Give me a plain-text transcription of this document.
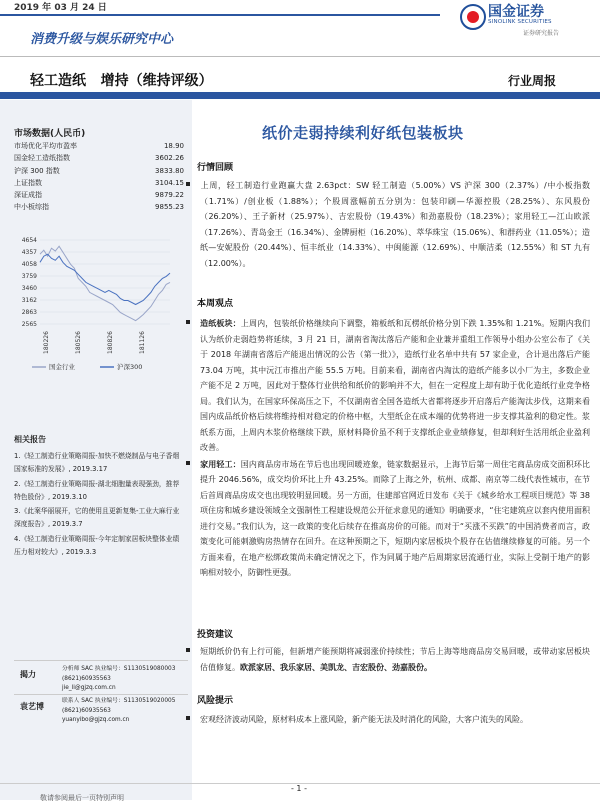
2019 年 03 月 24 日	国金证券
SINOLINK SECURITIES
证券研究报告
消费升级与娱乐研究中心
轻工造纸 增持（维持评级）	行业周报
市场数据(人民币)
市场优化平均市盈率	18.90
国金轻工造纸指数	3602.26
沪深 300 指数	3833.80
上证指数	3104.15
深证成指	9879.22
中小板综指	9855.23
4654
4357
4058
3759
3460
3162
2863
2565
180226	180526	180826	181126
国金行业	沪深300
相关报告
1.《轻工制造行业策略周报-加快不燃烧制品与电子香烟国家标准的发展》, 2019.3.17
2.《轻工制造行业策略周报-湖北细胞量表现强劲，推荐特色股份》, 2019.3.10
3.《此案华丽展开，它的使用且更新复集-工业大麻行业深度报告》, 2019.3.7
4.《轻工制造行业策略周报-今年定制家居板块整体业绩压力相对较大》, 2019.3.3
揭力
分析师 SAC 执业编号：S1130519080003
(8621)60935563
jie_li@gjzq.com.cn
袁艺博
联系人 SAC 执业编号：S1130519020005
(8621)60935563
yuanyibo@gjzq.com.cn
纸价走弱持续利好纸包装板块
行情回顾

上周，轻工制造行业跑赢大盘 2.63pct：SW 轻工制造（5.00%）VS 沪深 300（2.37%）/中小板指数（1.71%）/创业板（1.88%）；个股周涨幅前五分别为：包装印刷—华源控股（28.25%）、东风股份（26.20%）、王子新材（25.97%）、吉宏股份（19.43%）和劲嘉股份（18.23%）；家用轻工—江山欧派（17.26%）、青岛金王（16.34%）、金牌厨柜（16.20%）、萃华珠宝（15.06%）、和群药业（11.05%）；造纸—安妮股份（20.44%）、恒丰纸业（14.33%）、中闽能源（12.69%）、中顺洁柔（12.55%）和 ST 九有（12.00%）。

本周观点

造纸板块：上周内，包装纸价格继续向下调整，箱板纸和瓦楞纸价格分别下跌 1.35%和 1.21%。短期内我们认为纸价走弱趋势将延续，3 月 21 日，湖南省淘汰落后产能和企业兼并重组工作领导小组办公室公布了《关于 2018 年湖南省落后产能退出情况的公告（第一批）》，造纸行业名单中共有 57 家企业，合计退出落后产能 73.04 万吨，其中沅江市推出产能 55.5 万吨。目前来看，湖南省内淘汰的造纸产能多以小厂为主，多数企业产能不足 2 万吨，因此对于整体行业供给和纸价的影响并不大，但在一定程度上却有助于优化造纸行业竞争格局。我们认为，在国家环保高压之下，不仅湖南省全国各造纸大省都将逐步开启落后产能淘汰步伐，这期来看国内成品纸价格后续将维持相对稳定的价格中枢，大型纸企在成本端的优势将进一步支撑其盈利的稳定性。浆纸系方面，上周内木浆价格继续下跌，原材料降价虽不利于支撑纸企业业绩修复，但却利好生活用纸企业盈利改善。

家用轻工：国内商品房市场在节后也出现回暖迹象，链家数据显示，上海节后第一周住宅商品房成交面积环比提升 2046.56%，成交均价环比上升 43.25%。而除了上海之外，杭州、成都、南京等二线代表性城市，在节后首周商品房成交也出现较明显回暖。另一方面，住建部官网近日发布《关于《城乡给水工程项目规范》等 38 项住房和城乡建设领域全文强制性工程建设规范公开征求意见的通知》明确要求，“住宅建筑应以套内使用面积进行交易。”我们认为，这一政策的变化后续存在推高房价的可能。而对于“买涨不买跌”的中国消费者而言，政策变化可能刺激购房热情存在回升。在这种预期之下，短期内家居板块个股存在估值继续修复的可能。另一个方面来看，在地产松绑政策尚未确定情况之下，作为同属于地产后周期家居流通行业，实际上受制于地产的影响相对较小，防御性更强。

投资建议

短期纸价仍有上行可能，但新增产能预期将减弱涨价持续性；节后上海等地商品房交易回暖，或带动家居板块估值修复。欧派家居、我乐家居、美凯龙、吉宏股份、劲嘉股份。

风险提示

宏观经济波动风险，原材料成本上涨风险，新产能无法及时消化的风险，大客户流失的风险。

- 1 -
敬请参阅最后一页特别声明
